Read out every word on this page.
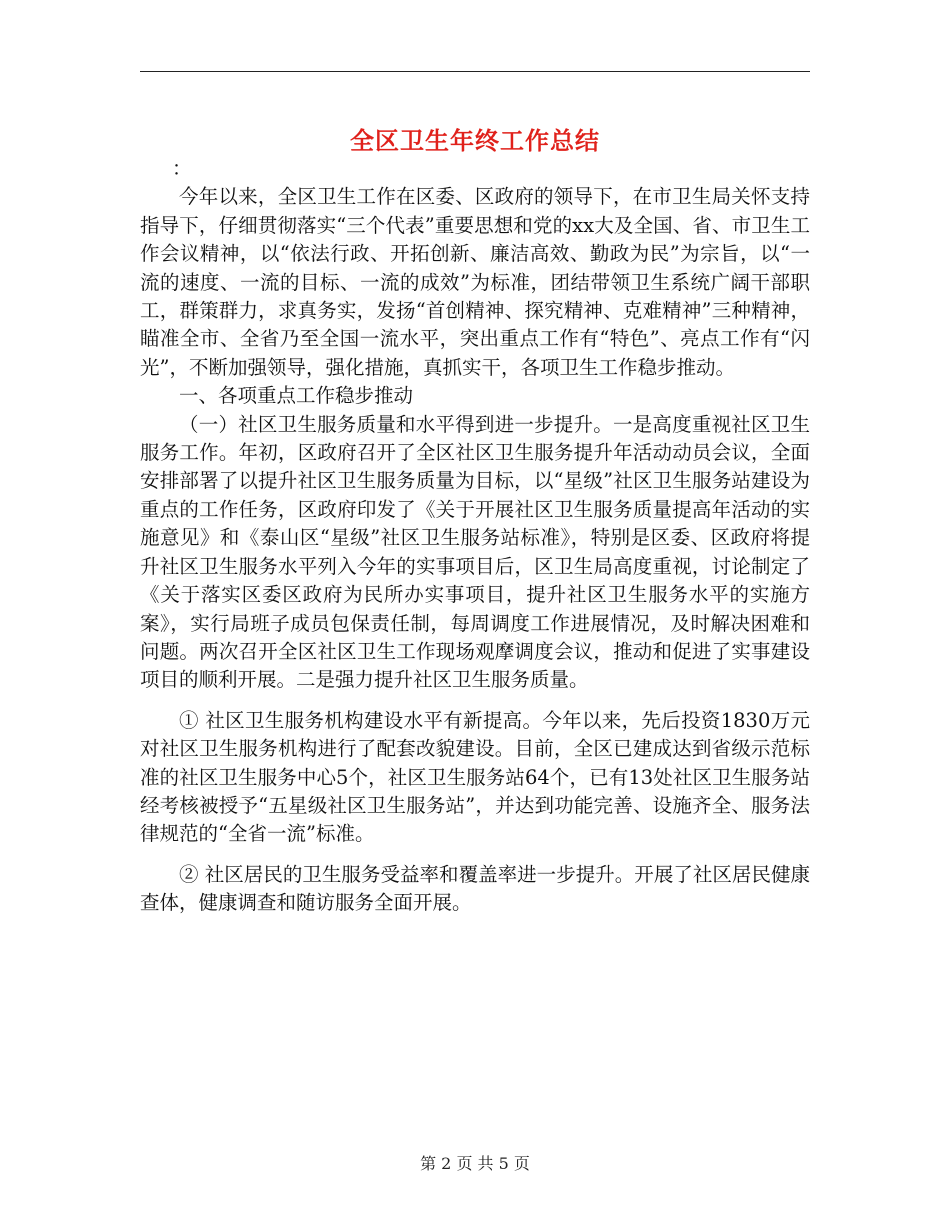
全区卫生年终工作总结

：

今年以来，全区卫生工作在区委、区政府的领导下，在市卫生局关怀支持指导下，仔细贯彻落实“三个代表”重要思想和党的xx大及全国、省、市卫生工作会议精神，以“依法行政、开拓创新、廉洁高效、勤政为民”为宗旨，以“一流的速度、一流的目标、一流的成效”为标准，团结带领卫生系统广阔干部职工，群策群力，求真务实，发扬“首创精神、探究精神、克难精神”三种精神，瞄准全市、全省乃至全国一流水平，突出重点工作有“特色”、亮点工作有“闪光”，不断加强领导，强化措施，真抓实干，各项卫生工作稳步推动。

一、各项重点工作稳步推动

（一）社区卫生服务质量和水平得到进一步提升。一是高度重视社区卫生服务工作。年初，区政府召开了全区社区卫生服务提升年活动动员会议，全面安排部署了以提升社区卫生服务质量为目标，以“星级”社区卫生服务站建设为重点的工作任务，区政府印发了《关于开展社区卫生服务质量提高年活动的实施意见》和《泰山区“星级”社区卫生服务站标准》，特别是区委、区政府将提升社区卫生服务水平列入今年的实事项目后，区卫生局高度重视，讨论制定了《关于落实区委区政府为民所办实事项目，提升社区卫生服务水平的实施方案》，实行局班子成员包保责任制，每周调度工作进展情况，及时解决困难和问题。两次召开全区社区卫生工作现场观摩调度会议，推动和促进了实事建设项目的顺利开展。二是强力提升社区卫生服务质量。

① 社区卫生服务机构建设水平有新提高。今年以来，先后投资1830万元对社区卫生服务机构进行了配套改貌建设。目前，全区已建成达到省级示范标准的社区卫生服务中心5个，社区卫生服务站64个，已有13处社区卫生服务站经考核被授予“五星级社区卫生服务站”，并达到功能完善、设施齐全、服务法律规范的“全省一流”标准。

② 社区居民的卫生服务受益率和覆盖率进一步提升。开展了社区居民健康查体，健康调查和随访服务全面开展。

第 2 页 共 5 页
